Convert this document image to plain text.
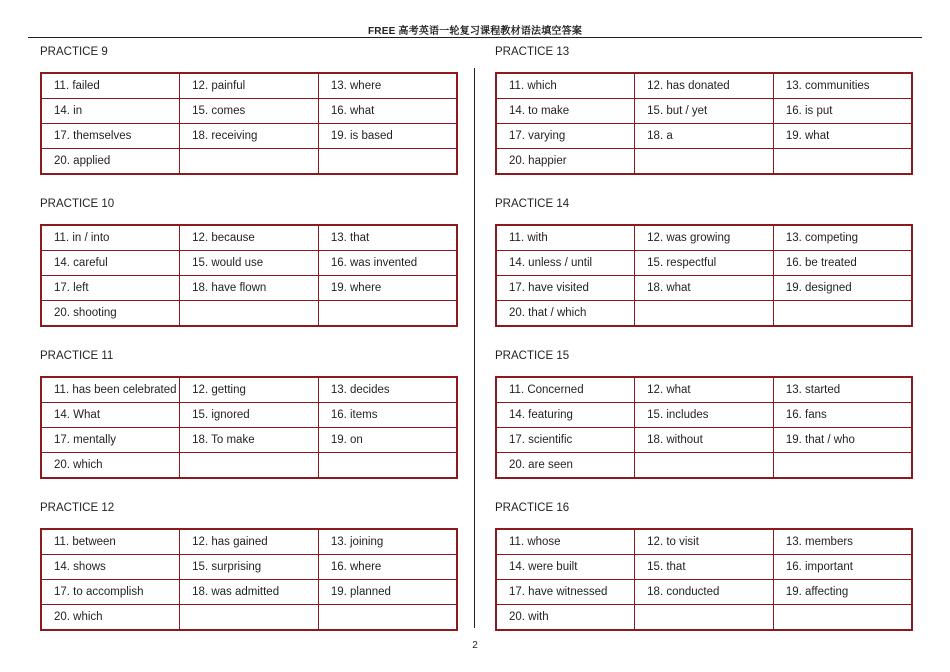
FREE 高考英语一轮复习课程教材语法填空答案
PRACTICE 9
11. failed	12. painful	13. where
14. in	15. comes	16. what
17. themselves	18. receiving	19. is based
20. applied		
PRACTICE 13
11. which	12. has donated	13. communities
14. to make	15. but / yet	16. is put
17. varying	18. a	19. what
20. happier		
PRACTICE 10
11. in / into	12. because	13. that
14. careful	15. would use	16. was invented
17. left	18. have flown	19. where
20. shooting		
PRACTICE 14
11. with	12. was growing	13. competing
14. unless / until	15. respectful	16. be treated
17. have visited	18. what	19. designed
20. that / which		
PRACTICE 11
11. has been celebrated	12. getting	13. decides
14. What	15. ignored	16. items
17. mentally	18. To make	19. on
20. which		
PRACTICE 15
11. Concerned	12. what	13. started
14. featuring	15. includes	16. fans
17. scientific	18. without	19. that / who
20. are seen		
PRACTICE 12
11. between	12. has gained	13. joining
14. shows	15. surprising	16. where
17. to accomplish	18. was admitted	19. planned
20. which		
PRACTICE 16
11. whose	12. to visit	13. members
14. were built	15. that	16. important
17. have witnessed	18. conducted	19. affecting
20. with		
2
